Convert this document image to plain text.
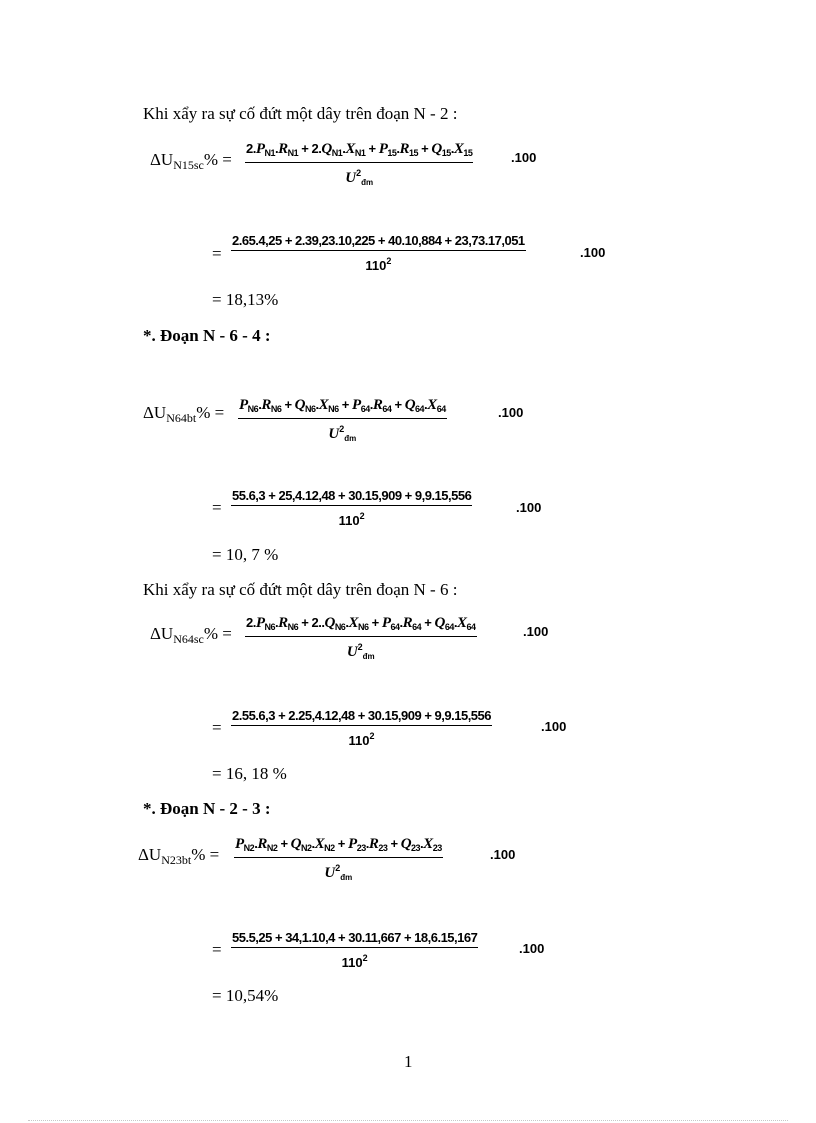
Khi xẩy ra sự cố đứt một dây trên đoạn N - 2 :
$\Delta U_{N15sc}\%$ =
$2.P_{N1}.R_{N1} + 2.Q_{N1}.X_{N1} + P_{15}.R_{15} + Q_{15}.X_{15}$
$U^2_{đm}$
.100
=
2.65.4,25 + 2.39,23.10,225 + 40.10,884 + 23,73.17,051
$110^2$
.100
= 18,13%
*. Đoạn N - 6 - 4 :
$\Delta U_{N64bt}\% = P_{N6}.R_{N6} + Q_{N6}.X_{N6} + P_{64}.R_{64} + Q_{64}.X_{64}$
$U^2_{đm}$
.100
=
55.6,3 + 25,4.12,48 + 30.15,909 + 9,9.15,556
$110^2$
.100
= 10, 7 %
Khi xẩy ra sự cố đứt một dây trên đoạn N - 6 :
$\Delta U_{N64sc}\%$ =
$2.P_{N6}.R_{N6} + 2..Q_{N6}.X_{N6} + P_{64}.R_{64} + Q_{64}.X_{64}$
$U^2_{đm}$
.100
=
2.55.6,3 + 2.25,4.12,48 + 30.15,909 + 9,9.15,556
$110^2$
.100
= 16, 18 %
*. Đoạn N - 2 - 3 :
$\Delta U_{N23bt}\%$ =
$P_{N2}.R_{N2} + Q_{N2}.X_{N2} + P_{23}.R_{23} + Q_{23}.X_{23}$
$U^2_{đm}$
.100
=
55.5,25 + 34,1.10,4 + 30.11,667 + 18,6.15,167
$110^2$
.100
= 10,54%
1
